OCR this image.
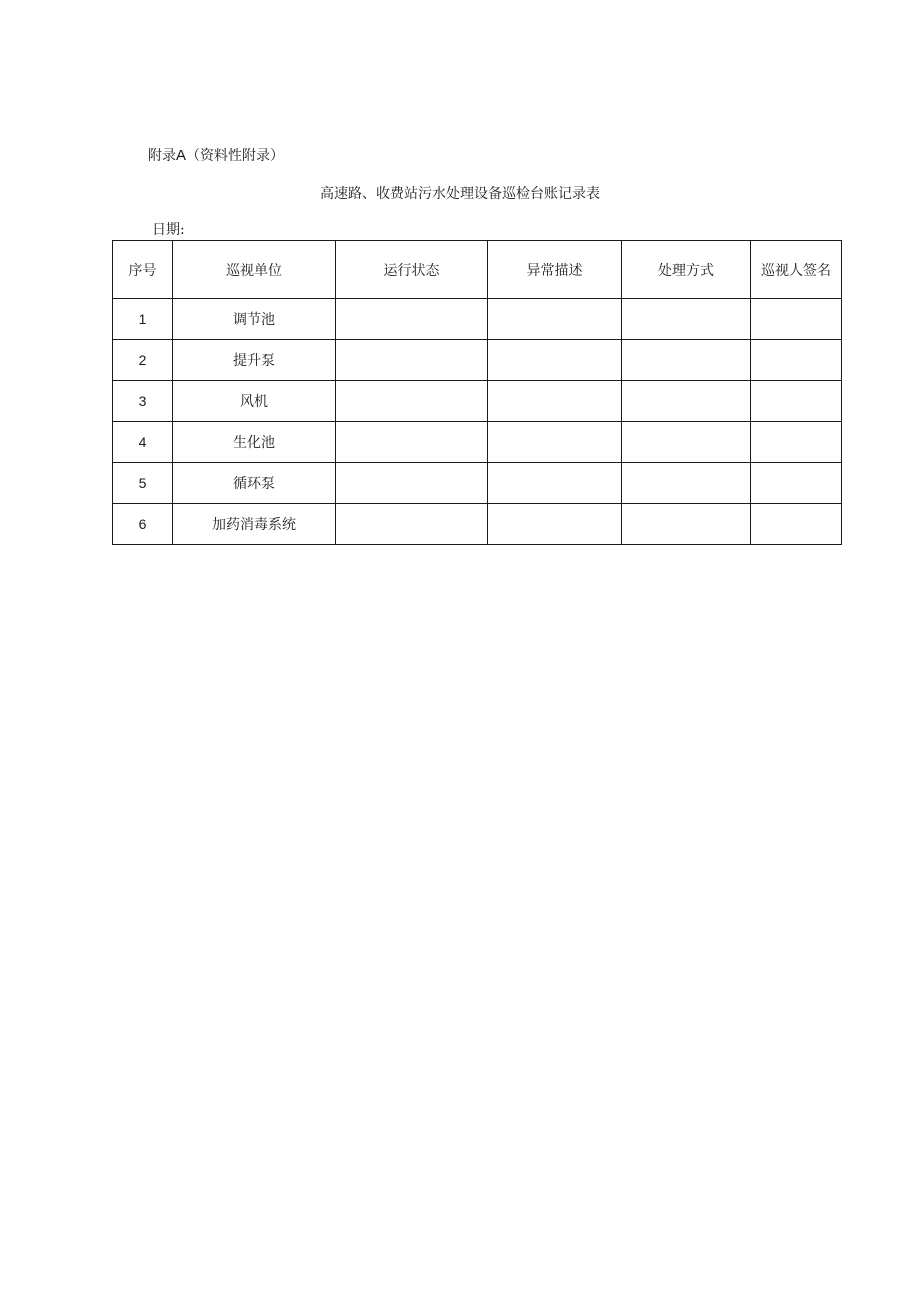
附录A（资料性附录）
高速路、收费站污水处理设备巡检台账记录表
日期:
序号	巡视单位	运行状态	异常描述	处理方式	巡视人签名
1	调节池				
2	提升泵				
3	风机				
4	生化池				
5	循环泵				
6	加药消毒系统				
